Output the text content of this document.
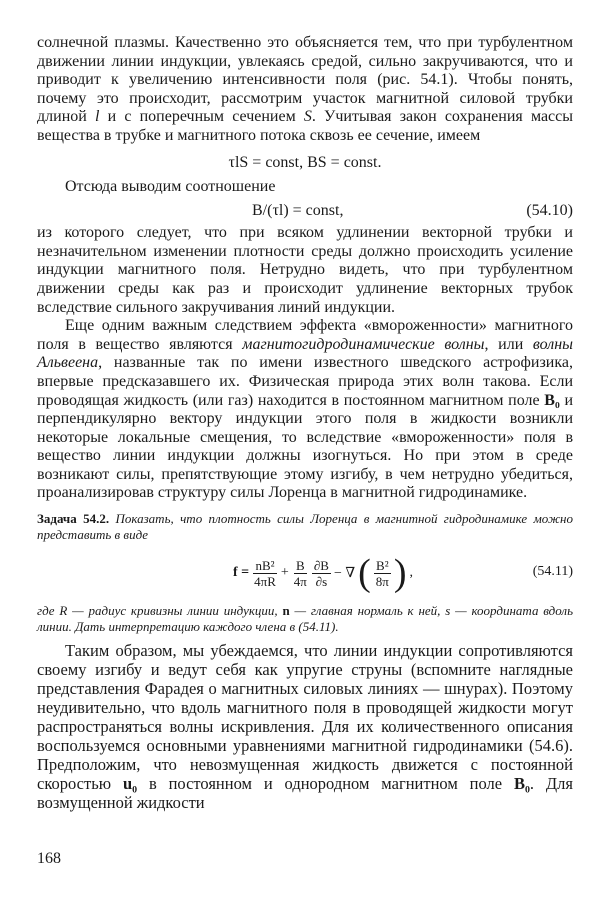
солнечной плазмы. Качественно это объясняется тем, что при турбулентном движении линии индукции, увлекаясь средой, сильно закручиваются, что и приводит к увеличению интенсивности поля (рис. 54.1). Чтобы понять, почему это происходит, рассмотрим участок магнитной силовой трубки длиной l и с поперечным сечением S. Учитывая закон сохранения массы вещества в трубке и магнитного потока сквозь ее сечение, имеем

τlS = const, BS = const.

Отсюда выводим соотношение

B/(τl) = const,	(54.10)

из которого следует, что при всяком удлинении векторной трубки и незначительном изменении плотности среды должно происходить усиление индукции магнитного поля. Нетрудно видеть, что при турбулентном движении среды как раз и происходит удлинение векторных трубок вследствие сильного закручивания линий индукции.

Еще одним важным следствием эффекта «вмороженности» магнитного поля в вещество являются магнитогидродинамические волны, или волны Альвеена, названные так по имени известного шведского астрофизика, впервые предсказавшего их. Физическая природа этих волн такова. Если проводящая жидкость (или газ) находится в постоянном магнитном поле B₀ и перпендикулярно вектору индукции этого поля в жидкости возникли некоторые локальные смещения, то вследствие «вмороженности» поля в вещество линии индукции должны изогнуться. Но при этом в среде возникают силы, препятствующие этому изгибу, в чем нетрудно убедиться, проанализировав структуру силы Лоренца в магнитной гидродинамике.

Задача 54.2. Показать, что плотность силы Лоренца в магнитной гидродинамике можно представить в виде
$f = \frac{\text{nB²}}{4\pi R} + \frac{B}{4\pi} \frac{\partial B}{\partial s}$ − ∇ ( $\frac{\text{B²}}{8\pi}$ ) ,	(54.11)
где R — радиус кривизны линии индукции, n — главная нормаль к ней, s — координата вдоль линии. Дать интерпретацию каждого члена в (54.11).

Таким образом, мы убеждаемся, что линии индукции сопротивляются своему изгибу и ведут себя как упругие струны (вспомните наглядные представления Фарадея о магнитных силовых линиях — шнурах). Поэтому неудивительно, что вдоль магнитного поля в проводящей жидкости могут распространяться волны искривления. Для их количественного описания воспользуемся основными уравнениями магнитной гидродинамики (54.6). Предположим, что невозмущенная жидкость движется с постоянной скоростью u₀ в постоянном и однородном магнитном поле B₀. Для возмущенной жидкости

168
